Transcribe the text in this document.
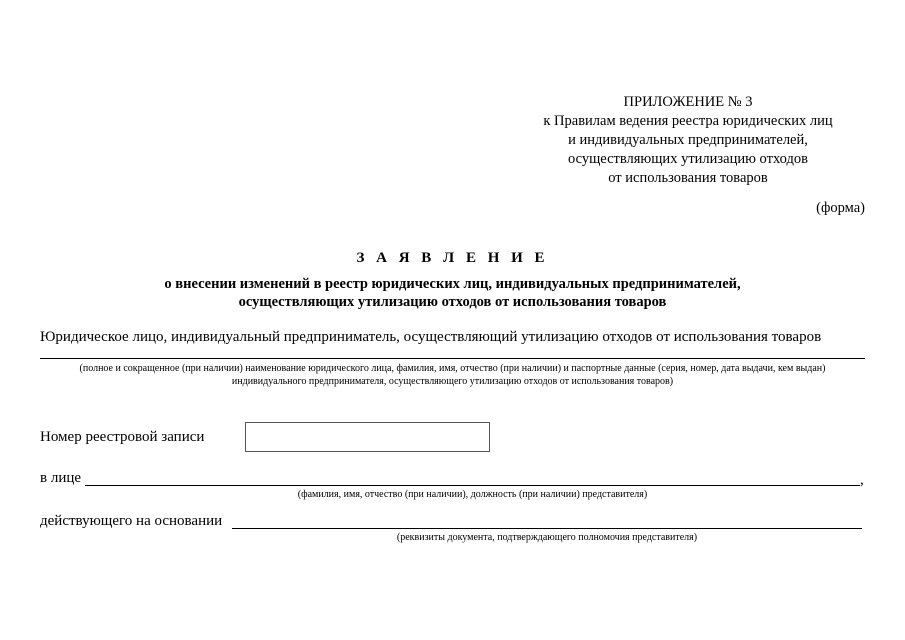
ПРИЛОЖЕНИЕ № 3
к Правилам ведения реестра юридических лиц
и индивидуальных предпринимателей,
осуществляющих утилизацию отходов
от использования товаров
(форма)
З А Я В Л Е Н И Е
о внесении изменений в реестр юридических лиц, индивидуальных предпринимателей,
осуществляющих утилизацию отходов от использования товаров
Юридическое лицо, индивидуальный предприниматель, осуществляющий утилизацию отходов от использования товаров
(полное и сокращенное (при наличии) наименование юридического лица, фамилия, имя, отчество (при наличии) и паспортные данные (серия, номер, дата выдачи, кем выдан)
индивидуального предпринимателя, осуществляющего утилизацию отходов от использования товаров)
Номер реестровой записи
в лице	,
(фамилия, имя, отчество (при наличии), должность (при наличии) представителя)
действующего на основании
(реквизиты документа, подтверждающего полномочия представителя)
